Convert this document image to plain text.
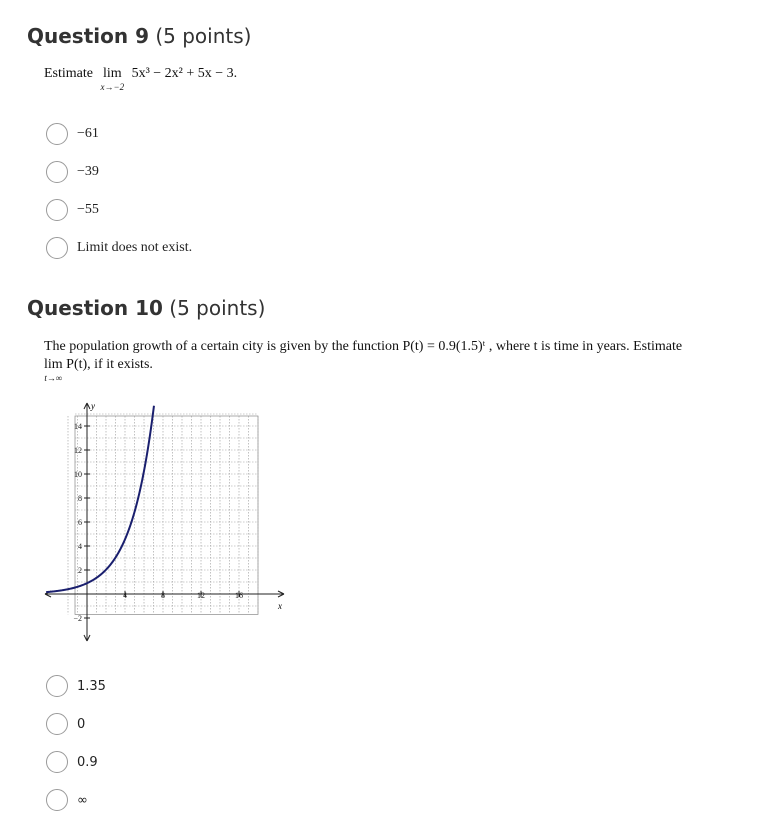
Question 9 (5 points)
Estimate lim
x→−2
5x³ − 2x² + 5x − 3.
−61
−39
−55
Limit does not exist.
Question 10 (5 points)
The population growth of a certain city is given by the function P(t) = 0.9(1.5)ᵗ , where t is time in years. Estimate
lim
t→∞
P(t), if it exists.
14
12
10
8
6
4
2
−2
4	8	12	16
y
x
1.35
0
0.9
∞
